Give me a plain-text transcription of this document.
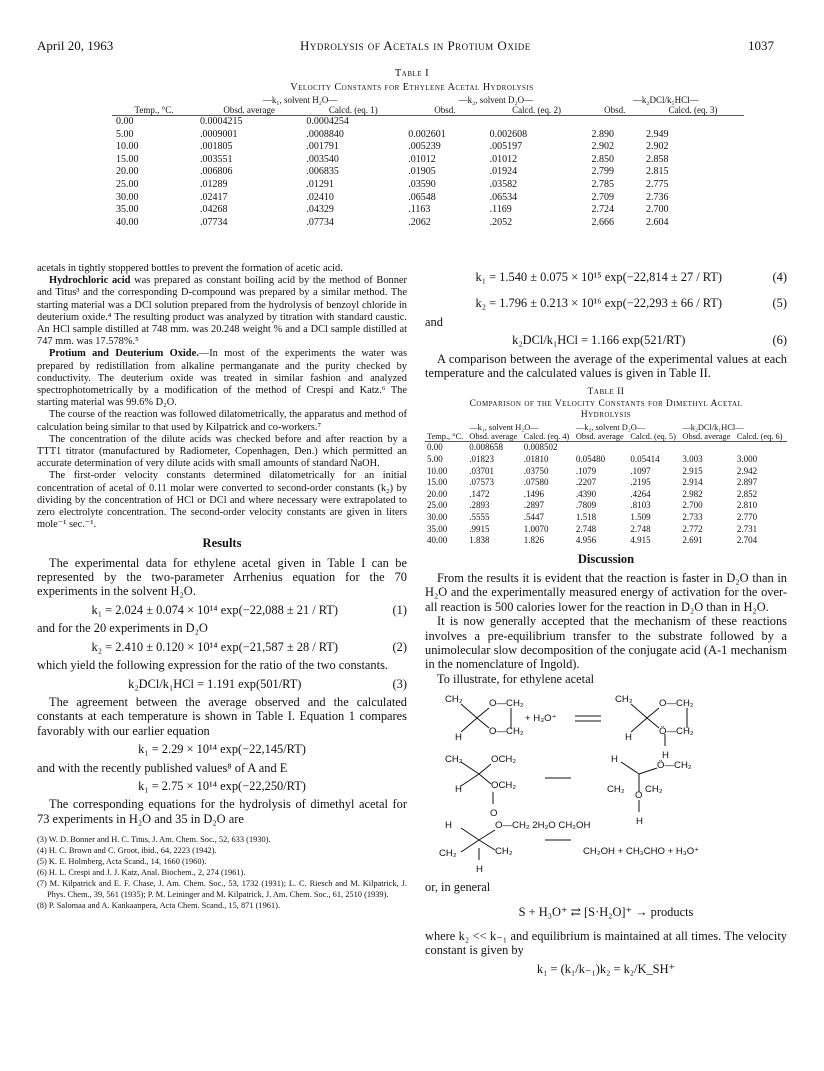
April 20, 1963	Hydrolysis of Acetals in Protium Oxide	1037
Table I
Velocity Constants for Ethylene Acetal Hydrolysis
	—k₁, solvent H₂O—		—k₂, solvent D₂O—		—k₂DCl/k₁HCl—	
Temp., °C.	Obsd. average	Calcd. (eq. 1)	Obsd.	Calcd. (eq. 2)	Obsd.	Calcd. (eq. 3)
0.00	0.0004215	0.0004254				
5.00	.0009001	.0008840	0.002601	0.002608	2.890	2.949
10.00	.001805	.001791	.005239	.005197	2.902	2.902
15.00	.003551	.003540	.01012	.01012	2.850	2.858
20.00	.006806	.006835	.01905	.01924	2.799	2.815
25.00	.01289	.01291	.03590	.03582	2.785	2.775
30.00	.02417	.02410	.06548	.06534	2.709	2.736
35.00	.04268	.04329	.1163	.1169	2.724	2.700
40.00	.07734	.07734	.2062	.2052	2.666	2.604

acetals in tightly stoppered bottles to prevent the formation of acetic acid.

Hydrochloric acid was prepared as constant boiling acid by the method of Bonner and Titus³ and the corresponding D-compound was prepared by a similar method. The starting material was a DCl solution prepared from the hydrolysis of benzoyl chloride in deuterium oxide.⁴ The resulting product was analyzed by titration with standard caustic. An HCl sample distilled at 748 mm. was 20.248 weight % and a DCl sample distilled at 747 mm. was 17.578%.⁵

Protium and Deuterium Oxide.—In most of the experiments the water was prepared by redistillation from alkaline permanganate and the purity checked by conductivity. The deuterium oxide was treated in similar fashion and analyzed spectrophotometrically by a modification of the method of Crespi and Katz.⁶ The starting material was 99.6% D₂O.

The course of the reaction was followed dilatometrically, the apparatus and method of calculation being similar to that used by Kilpatrick and co-workers.⁷

The concentration of the dilute acids was checked before and after reaction by a TTT1 titrator (manufactured by Radiometer, Copenhagen, Den.) which permitted an accurate determination of very dilute acids with small amounts of standard NaOH.

The first-order velocity constants determined dilatometrically for an initial concentration of acetal of 0.11 molar were converted to second-order constants (k₂) by dividing by the concentration of HCl or DCl and where necessary were extrapolated to zero electrolyte concentration. The second-order velocity constants are given in liters mole⁻¹ sec.⁻¹.

Results

The experimental data for ethylene acetal given in Table I can be represented by the two-parameter Arrhenius equation for the 70 experiments in the solvent H₂O.

(1)
k₁ = 2.024 ± 0.074 × 10¹⁴ exp(−22,088 ± 21 / RT)

and for the 20 experiments in D₂O

(2)
k₂ = 2.410 ± 0.120 × 10¹⁴ exp(−21,587 ± 28 / RT)

which yield the following expression for the ratio of the two constants.

(3)
k₂DCl/k₁HCl = 1.191 exp(501/RT)

The agreement between the average observed and the calculated constants at each temperature is shown in Table I. Equation 1 compares favorably with our earlier equation

k₁ = 2.29 × 10¹⁴ exp(−22,145/RT)

and with the recently published values⁸ of A and E

k₁ = 2.75 × 10¹⁴ exp(−22,250/RT)

The corresponding equations for the hydrolysis of dimethyl acetal for 73 experiments in H₂O and 35 in D₂O are

(3) W. D. Bonner and H. C. Titus, J. Am. Chem. Soc., 52, 633 (1930).
(4) H. C. Brown and C. Groot, ibid., 64, 2223 (1942).
(5) K. E. Holmberg, Acta Scand., 14, 1660 (1960).
(6) H. L. Crespi and J. J. Katz, Anal. Biochem., 2, 274 (1961).
(7) M. Kilpatrick and E. F. Chase, J. Am. Chem. Soc., 53, 1732 (1931); L. C. Riesch and M. Kilpatrick, J. Phys. Chem., 39, 561 (1935); P. M. Leininger and M. Kilpatrick, J. Am. Chem. Soc., 61, 2510 (1939).
(8) P. Salomaa and A. Kankaanpera, Acta Chem. Scand., 15, 871 (1961).
(4)
k₁ = 1.540 ± 0.075 × 10¹⁵ exp(−22,814 ± 27 / RT)
(5)
k₂ = 1.796 ± 0.213 × 10¹⁶ exp(−22,293 ± 66 / RT)

and

(6)
k₂DCl/k₁HCl = 1.166 exp(521/RT)

A comparison between the average of the experimental values at each temperature and the calculated values is given in Table II.

Table II
Comparison of the Velocity Constants for Dimethyl Acetal Hydrolysis
	—k₁, solvent H₂O—		—k₂, solvent D₂O—		—k₂DCl/k₁HCl—	
Temp., °C.	Obsd. average	Calcd. (eq. 4)	Obsd. average	Calcd. (eq. 5)	Obsd. average	Calcd. (eq. 6)
0.00	0.008658	0.008502				
5.00	.01823	.01810	0.05480	0.05414	3.003	3.000
10.00	.03701	.03750	.1079	.1097	2.915	2.942
15.00	.07573	.07580	.2207	.2195	2.914	2.897
20.00	.1472	.1496	.4390	.4264	2.982	2.852
25.00	.2893	.2897	.7809	.8103	2.700	2.810
30.00	.5555	.5447	1.518	1.509	2.733	2.770
35.00	.9915	1.0070	2.748	2.748	2.772	2.731
40.00	1.838	1.826	4.956	4.915	2.691	2.704
Discussion

From the results it is evident that the reaction is faster in D₂O than in H₂O and the experimentally measured energy of activation for the over-all reaction is 500 calories lower for the reaction in D₂O than in H₂O.

It is now generally accepted that the mechanism of these reactions involves a pre-equilibrium transfer to the substrate followed by a unimolecular slow decomposition of the conjugate acid (A-1 mechanism in the nomenclature of Ingold).

To illustrate, for ethylene acetal

CH₂	O—CH₂
H
O—CH₂
+ H₃O⁺
CH₂	O—CH₂
H
Ö—CH₂
H
CH₂	OCH₂
H	OCH₂
O
H
Ö—CH₂
CH₂ CH₂
O
H
H	O—CH₂ 2H₂O CH₂OH
CH₂	CH₂
H
CH₂OH + CH₃CHO + H₃O⁺

or, in general

S + H₃O⁺ ⇄ [S·H₂O]⁺ → products

where k₂ << k₋₁ and equilibrium is maintained at all times. The velocity constant is given by

k₁ = (k₁/k₋₁)k₂ = k₂/K_SH⁺
